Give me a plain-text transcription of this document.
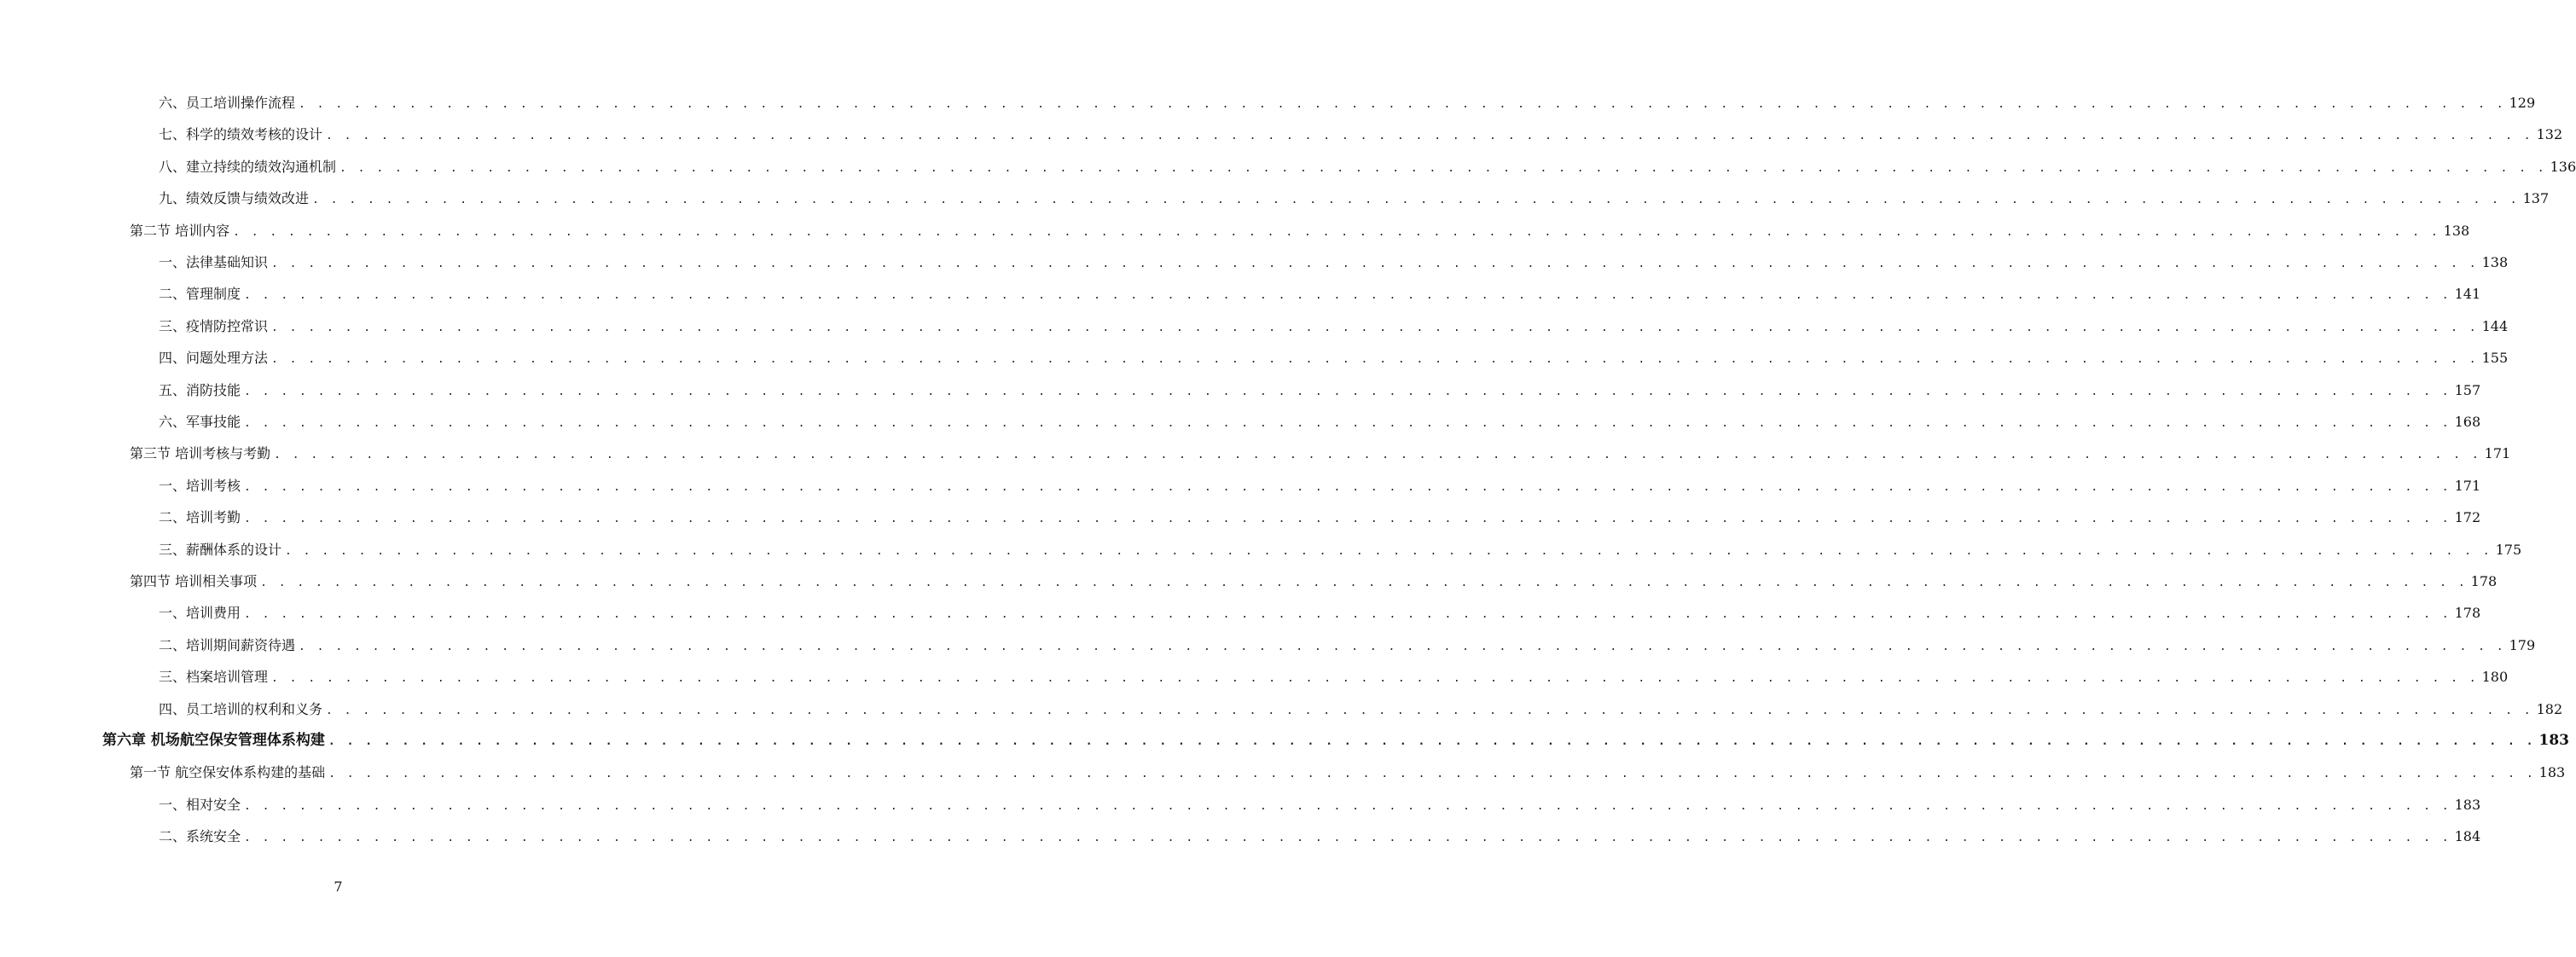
六、员工培训操作流程 . . . . . . . . . . . . . . . . . . . . . . . . . . . . . . . . . . . . . . . . . . . . . . . . . . . . . . . . . . . . . . . . . . . . . . . . . . . . . . . . . . . . . . . . . . . . . . . . . . . . . . . . . . . . . . . . . . . . . . . . 129
七、科学的绩效考核的设计 . . . . . . . . . . . . . . . . . . . . . . . . . . . . . . . . . . . . . . . . . . . . . . . . . . . . . . . . . . . . . . . . . . . . . . . . . . . . . . . . . . . . . . . . . . . . . . . . . . . . . . . . . . . . . . . . . . . . . . . . 132
八、建立持续的绩效沟通机制 . . . . . . . . . . . . . . . . . . . . . . . . . . . . . . . . . . . . . . . . . . . . . . . . . . . . . . . . . . . . . . . . . . . . . . . . . . . . . . . . . . . . . . . . . . . . . . . . . . . . . . . . . . . . . . . . . . . . . . . . 136
九、绩效反馈与绩效改进 . . . . . . . . . . . . . . . . . . . . . . . . . . . . . . . . . . . . . . . . . . . . . . . . . . . . . . . . . . . . . . . . . . . . . . . . . . . . . . . . . . . . . . . . . . . . . . . . . . . . . . . . . . . . . . . . . . . . . . . . 137
第二节 培训内容 . . . . . . . . . . . . . . . . . . . . . . . . . . . . . . . . . . . . . . . . . . . . . . . . . . . . . . . . . . . . . . . . . . . . . . . . . . . . . . . . . . . . . . . . . . . . . . . . . . . . . . . . . . . . . . . . . . . . . . . . 138
一、法律基础知识 . . . . . . . . . . . . . . . . . . . . . . . . . . . . . . . . . . . . . . . . . . . . . . . . . . . . . . . . . . . . . . . . . . . . . . . . . . . . . . . . . . . . . . . . . . . . . . . . . . . . . . . . . . . . . . . . . . . . . . . . 138
二、管理制度 . . . . . . . . . . . . . . . . . . . . . . . . . . . . . . . . . . . . . . . . . . . . . . . . . . . . . . . . . . . . . . . . . . . . . . . . . . . . . . . . . . . . . . . . . . . . . . . . . . . . . . . . . . . . . . . . . . . . . . . . 141
三、疫情防控常识 . . . . . . . . . . . . . . . . . . . . . . . . . . . . . . . . . . . . . . . . . . . . . . . . . . . . . . . . . . . . . . . . . . . . . . . . . . . . . . . . . . . . . . . . . . . . . . . . . . . . . . . . . . . . . . . . . . . . . . . . 144
四、问题处理方法 . . . . . . . . . . . . . . . . . . . . . . . . . . . . . . . . . . . . . . . . . . . . . . . . . . . . . . . . . . . . . . . . . . . . . . . . . . . . . . . . . . . . . . . . . . . . . . . . . . . . . . . . . . . . . . . . . . . . . . . . 155
五、消防技能 . . . . . . . . . . . . . . . . . . . . . . . . . . . . . . . . . . . . . . . . . . . . . . . . . . . . . . . . . . . . . . . . . . . . . . . . . . . . . . . . . . . . . . . . . . . . . . . . . . . . . . . . . . . . . . . . . . . . . . . . 157
六、军事技能 . . . . . . . . . . . . . . . . . . . . . . . . . . . . . . . . . . . . . . . . . . . . . . . . . . . . . . . . . . . . . . . . . . . . . . . . . . . . . . . . . . . . . . . . . . . . . . . . . . . . . . . . . . . . . . . . . . . . . . . . 168
第三节 培训考核与考勤 . . . . . . . . . . . . . . . . . . . . . . . . . . . . . . . . . . . . . . . . . . . . . . . . . . . . . . . . . . . . . . . . . . . . . . . . . . . . . . . . . . . . . . . . . . . . . . . . . . . . . . . . . . . . . . . . . . . . . . . . 171
一、培训考核 . . . . . . . . . . . . . . . . . . . . . . . . . . . . . . . . . . . . . . . . . . . . . . . . . . . . . . . . . . . . . . . . . . . . . . . . . . . . . . . . . . . . . . . . . . . . . . . . . . . . . . . . . . . . . . . . . . . . . . . . 171
二、培训考勤 . . . . . . . . . . . . . . . . . . . . . . . . . . . . . . . . . . . . . . . . . . . . . . . . . . . . . . . . . . . . . . . . . . . . . . . . . . . . . . . . . . . . . . . . . . . . . . . . . . . . . . . . . . . . . . . . . . . . . . . . 172
三、薪酬体系的设计 . . . . . . . . . . . . . . . . . . . . . . . . . . . . . . . . . . . . . . . . . . . . . . . . . . . . . . . . . . . . . . . . . . . . . . . . . . . . . . . . . . . . . . . . . . . . . . . . . . . . . . . . . . . . . . . . . . . . . . . . 175
第四节 培训相关事项 . . . . . . . . . . . . . . . . . . . . . . . . . . . . . . . . . . . . . . . . . . . . . . . . . . . . . . . . . . . . . . . . . . . . . . . . . . . . . . . . . . . . . . . . . . . . . . . . . . . . . . . . . . . . . . . . . . . . . . . . 178
一、培训费用 . . . . . . . . . . . . . . . . . . . . . . . . . . . . . . . . . . . . . . . . . . . . . . . . . . . . . . . . . . . . . . . . . . . . . . . . . . . . . . . . . . . . . . . . . . . . . . . . . . . . . . . . . . . . . . . . . . . . . . . . 178
二、培训期间薪资待遇 . . . . . . . . . . . . . . . . . . . . . . . . . . . . . . . . . . . . . . . . . . . . . . . . . . . . . . . . . . . . . . . . . . . . . . . . . . . . . . . . . . . . . . . . . . . . . . . . . . . . . . . . . . . . . . . . . . . . . . . . 179
三、档案培训管理 . . . . . . . . . . . . . . . . . . . . . . . . . . . . . . . . . . . . . . . . . . . . . . . . . . . . . . . . . . . . . . . . . . . . . . . . . . . . . . . . . . . . . . . . . . . . . . . . . . . . . . . . . . . . . . . . . . . . . . . . 180
四、员工培训的权利和义务 . . . . . . . . . . . . . . . . . . . . . . . . . . . . . . . . . . . . . . . . . . . . . . . . . . . . . . . . . . . . . . . . . . . . . . . . . . . . . . . . . . . . . . . . . . . . . . . . . . . . . . . . . . . . . . . . . . . . . . . . 182
第六章 机场航空保安管理体系构建 . . . . . . . . . . . . . . . . . . . . . . . . . . . . . . . . . . . . . . . . . . . . . . . . . . . . . . . . . . . . . . . . . . . . . . . . . . . . . . . . . . . . . . . . . . . . . . . . . . . . . . . . . . . . . . . . . . . . . . . . 183
第一节 航空保安体系构建的基础 . . . . . . . . . . . . . . . . . . . . . . . . . . . . . . . . . . . . . . . . . . . . . . . . . . . . . . . . . . . . . . . . . . . . . . . . . . . . . . . . . . . . . . . . . . . . . . . . . . . . . . . . . . . . . . . . . . . . . . . . 183
一、相对安全 . . . . . . . . . . . . . . . . . . . . . . . . . . . . . . . . . . . . . . . . . . . . . . . . . . . . . . . . . . . . . . . . . . . . . . . . . . . . . . . . . . . . . . . . . . . . . . . . . . . . . . . . . . . . . . . . . . . . . . . . 183
二、系统安全 . . . . . . . . . . . . . . . . . . . . . . . . . . . . . . . . . . . . . . . . . . . . . . . . . . . . . . . . . . . . . . . . . . . . . . . . . . . . . . . . . . . . . . . . . . . . . . . . . . . . . . . . . . . . . . . . . . . . . . . . 184
7
